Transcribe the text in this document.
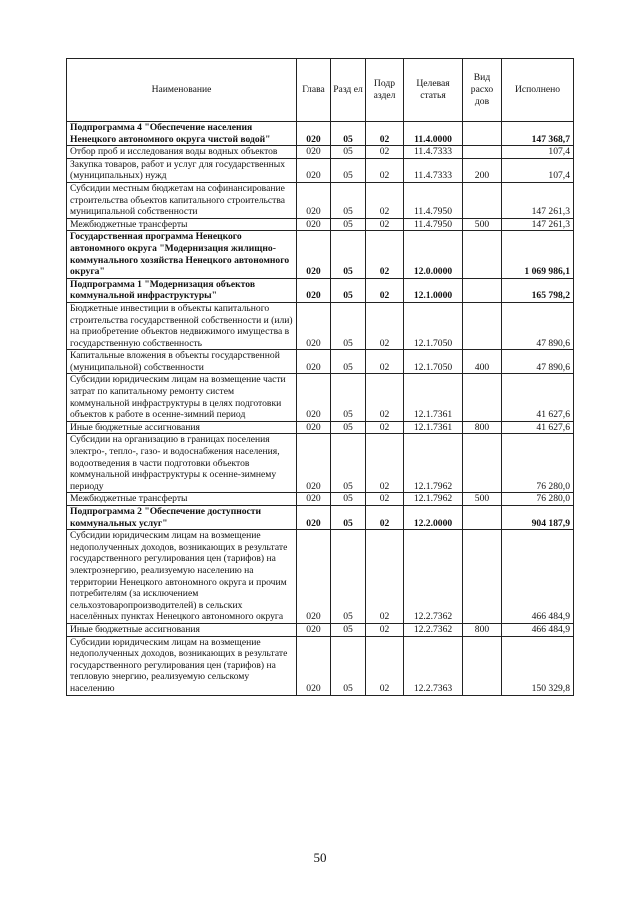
Наименование	Глава	Разд ел	Подр аздел	Целевая статья	Вид расхо дов	Исполнено
Подпрограмма 4 "Обеспечение населения Ненецкого автономного округа чистой водой"	020	05	02	11.4.0000		147 368,7
Отбор проб и исследования воды водных объектов	020	05	02	11.4.7333		107,4
Закупка товаров, работ и услуг для государственных (муниципальных) нужд	020	05	02	11.4.7333	200	107,4
Субсидии местным бюджетам на софинансирование строительства объектов капитального строительства муниципальной собственности	020	05	02	11.4.7950		147 261,3
Межбюджетные трансферты	020	05	02	11.4.7950	500	147 261,3
Государственная программа Ненецкого автономного округа "Модернизация жилищно-коммунального хозяйства Ненецкого автономного округа"	020	05	02	12.0.0000		1 069 986,1
Подпрограмма 1 "Модернизация объектов коммунальной инфраструктуры"	020	05	02	12.1.0000		165 798,2
Бюджетные инвестиции в объекты капитального строительства государственной собственности и (или) на приобретение объектов недвижимого имущества в государственную собственность	020	05	02	12.1.7050		47 890,6
Капитальные вложения в объекты государственной (муниципальной) собственности	020	05	02	12.1.7050	400	47 890,6
Субсидии юридическим лицам на возмещение части затрат по капитальному ремонту систем коммунальной инфраструктуры в целях подготовки объектов к работе в осенне-зимний период	020	05	02	12.1.7361		41 627,6
Иные бюджетные ассигнования	020	05	02	12.1.7361	800	41 627,6
Субсидии на организацию в границах поселения электро-, тепло-, газо- и водоснабжения населения, водоотведения в части подготовки объектов коммунальной инфраструктуры к осенне-зимнему периоду	020	05	02	12.1.7962		76 280,0
Межбюджетные трансферты	020	05	02	12.1.7962	500	76 280,0
Подпрограмма 2 "Обеспечение доступности коммунальных услуг"	020	05	02	12.2.0000		904 187,9
Субсидии юридическим лицам на возмещение недополученных доходов, возникающих в результате государственного регулирования цен (тарифов) на электроэнергию, реализуемую населению на территории Ненецкого автономного округа и прочим потребителям (за исключением сельхозтоваропроизводителей) в сельских населённых пунктах Ненецкого автономного округа	020	05	02	12.2.7362		466 484,9
Иные бюджетные ассигнования	020	05	02	12.2.7362	800	466 484,9
Субсидии юридическим лицам на возмещение недополученных доходов, возникающих в результате государственного регулирования цен (тарифов) на тепловую энергию, реализуемую сельскому населению	020	05	02	12.2.7363		150 329,8
50
